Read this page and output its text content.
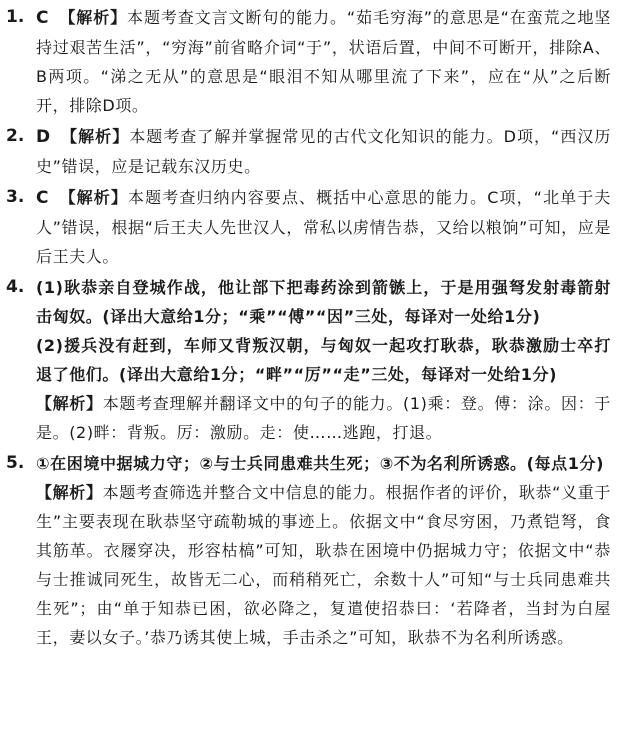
1. C 【解析】本题考查文言文断句的能力。“茹毛穷海”的意思是“在蛮荒之地坚持过艰苦生活”，“穷海”前省略介词“于”，状语后置，中间不可断开，排除A、B两项。“涕之无从”的意思是“眼泪不知从哪里流了下来”，应在“从”之后断开，排除D项。

2. D 【解析】本题考查了解并掌握常见的古代文化知识的能力。D项，“西汉历史”错误，应是记载东汉历史。

3. C 【解析】本题考查归纳内容要点、概括中心意思的能力。C项，“北单于夫人”错误，根据“后王夫人先世汉人，常私以虏情告恭，又给以粮饷”可知，应是后王夫人。

4. (1)耿恭亲自登城作战，他让部下把毒药涂到箭镞上，于是用强弩发射毒箭射击匈奴。(译出大意给1分；“乘”“傅”“因”三处，每译对一处给1分)

(2)援兵没有赶到，车师又背叛汉朝，与匈奴一起攻打耿恭，耿恭激励士卒打退了他们。(译出大意给1分；“畔”“厉”“走”三处，每译对一处给1分)

【解析】本题考查理解并翻译文中的句子的能力。(1)乘：登。傅：涂。因：于是。(2)畔：背叛。厉：激励。走：使……逃跑，打退。

5. ①在困境中据城力守；②与士兵同患难共生死；③不为名利所诱惑。(每点1分)

【解析】本题考查筛选并整合文中信息的能力。根据作者的评价，耿恭“义重于生”主要表现在耿恭坚守疏勒城的事迹上。依据文中“食尽穷困，乃煮铠弩，食其筋革。衣屦穿决，形容枯槁”可知，耿恭在困境中仍据城力守；依据文中“恭与士推诚同死生，故皆无二心，而稍稍死亡，余数十人”可知“与士兵同患难共生死”；由“单于知恭已困，欲必降之，复遣使招恭曰：‘若降者，当封为白屋王，妻以女子。’恭乃诱其使上城，手击杀之”可知，耿恭不为名利所诱惑。
